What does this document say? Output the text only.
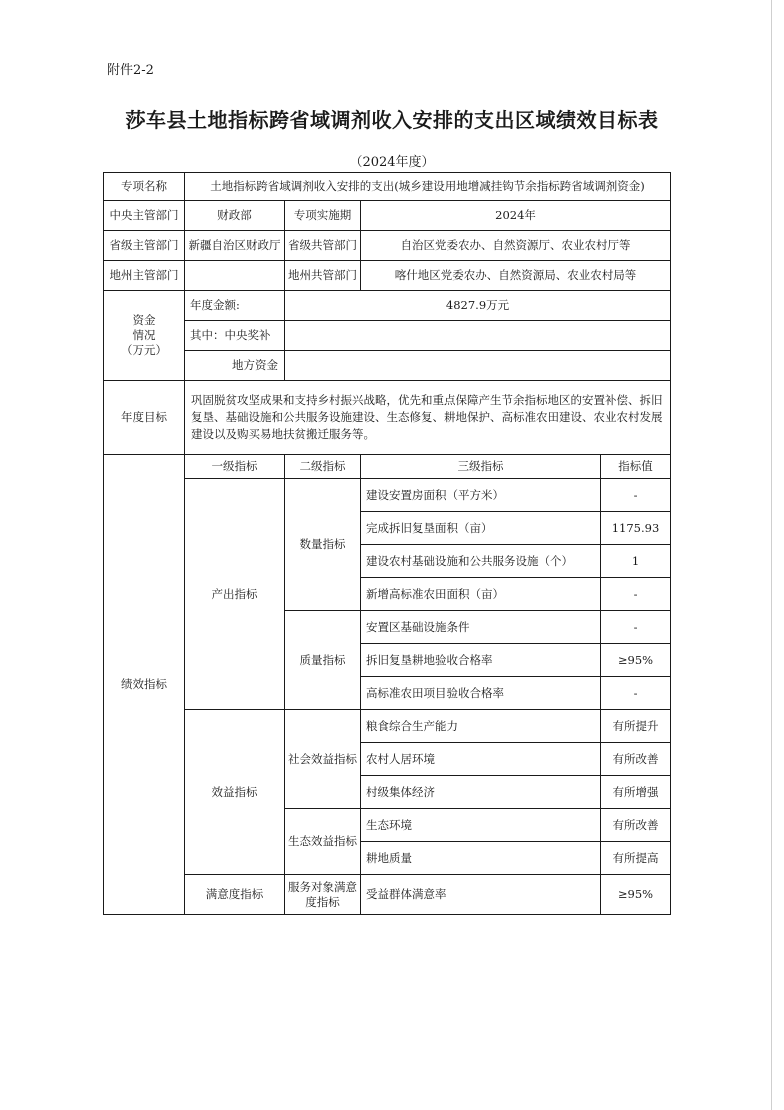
附件2-2
莎车县土地指标跨省域调剂收入安排的支出区域绩效目标表
（2024年度）
专项名称	土地指标跨省域调剂收入安排的支出(城乡建设用地增减挂钩节余指标跨省域调剂资金)			
中央主管部门	财政部	专项实施期	2024年	
省级主管部门	新疆自治区财政厅	省级共管部门	自治区党委农办、自然资源厅、农业农村厅等	
地州主管部门		地州共管部门	喀什地区党委农办、自然资源局、农业农村局等	

资金
情况
（万元）	年度金额:	4827.9万元		
	其中：中央奖补			
	地方资金			
年度目标	巩固脱贫攻坚成果和支持乡村振兴战略，优先和重点保障产生节余指标地区的安置补偿、拆旧复垦、基础设施和公共服务设施建设、生态修复、耕地保护、高标准农田建设、农业农村发展建设以及购买易地扶贫搬迁服务等。			
绩效指标	一级指标	二级指标	三级指标	指标值
	产出指标	数量指标	建设安置房面积（平方米）	-
			完成拆旧复垦面积（亩）	1175.93
			建设农村基础设施和公共服务设施（个）	1
			新增高标准农田面积（亩）	-
		质量指标	安置区基础设施条件	-
			拆旧复垦耕地验收合格率	≥95%
			高标准农田项目验收合格率	-
	效益指标	社会效益指标	粮食综合生产能力	有所提升
			农村人居环境	有所改善
			村级集体经济	有所增强
		生态效益指标	生态环境	有所改善
			耕地质量	有所提高
	满意度指标	服务对象满意
度指标	受益群体满意率	≥95%
